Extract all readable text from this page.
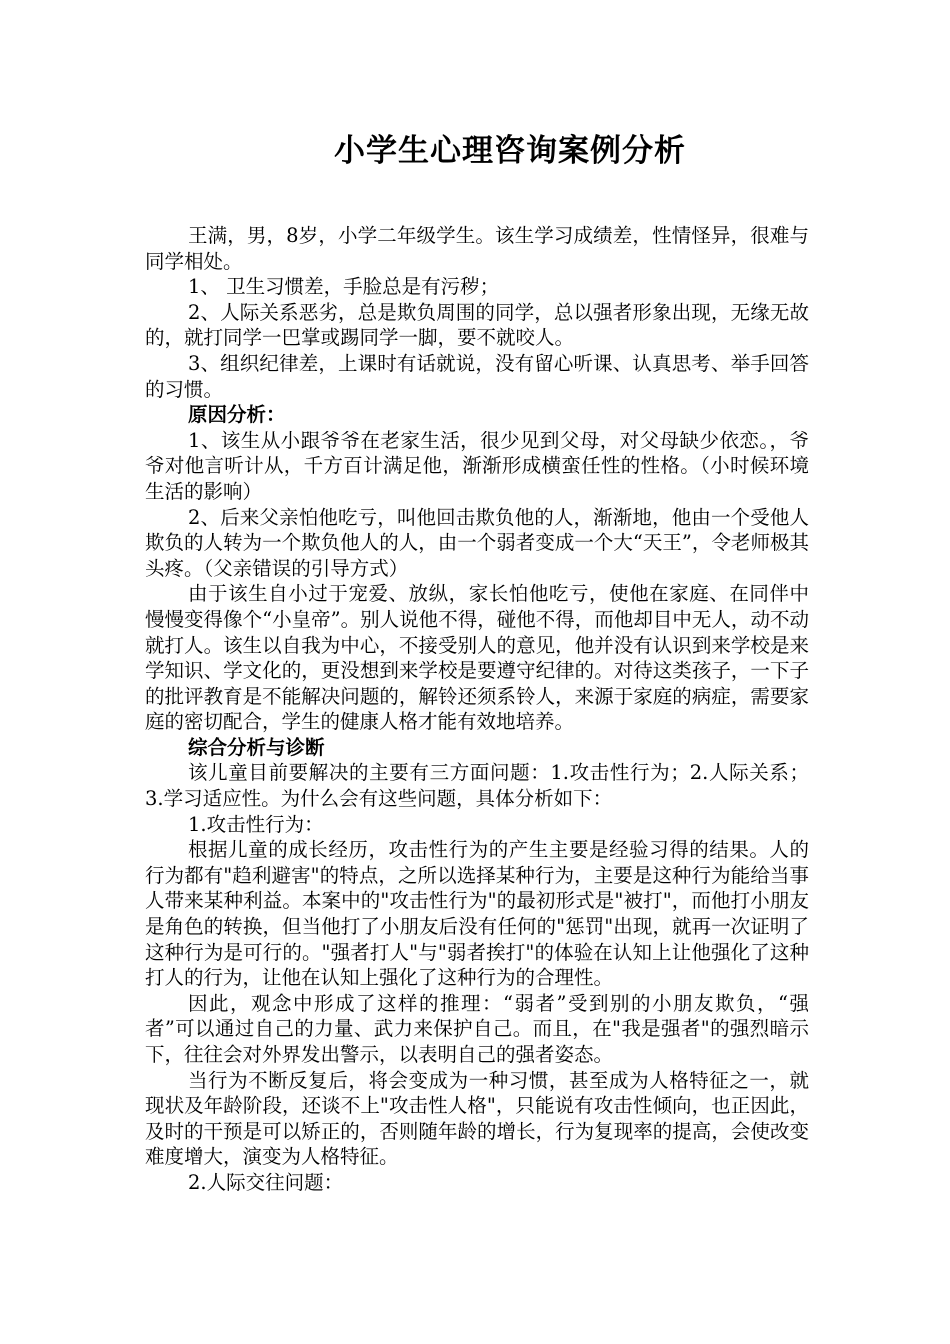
小学生心理咨询案例分析

王满，男，8岁，小学二年级学生。该生学习成绩差，性情怪异，很难与同学相处。

1、 卫生习惯差，手脸总是有污秽；

2、人际关系恶劣，总是欺负周围的同学，总以强者形象出现，无缘无故的，就打同学一巴掌或踢同学一脚，要不就咬人。

3、组织纪律差，上课时有话就说，没有留心听课、认真思考、举手回答的习惯。

原因分析：

1、该生从小跟爷爷在老家生活，很少见到父母，对父母缺少依恋。，爷爷对他言听计从，千方百计满足他，渐渐形成横蛮任性的性格。（小时候环境生活的影响）

2、后来父亲怕他吃亏，叫他回击欺负他的人，渐渐地，他由一个受他人欺负的人转为一个欺负他人的人，由一个弱者变成一个大“天王”，令老师极其头疼。（父亲错误的引导方式）

由于该生自小过于宠爱、放纵，家长怕他吃亏，使他在家庭、在同伴中慢慢变得像个“小皇帝”。别人说他不得，碰他不得，而他却目中无人，动不动就打人。该生以自我为中心，不接受别人的意见，他并没有认识到来学校是来学知识、学文化的，更没想到来学校是要遵守纪律的。对待这类孩子，一下子的批评教育是不能解决问题的，解铃还须系铃人，来源于家庭的病症，需要家庭的密切配合，学生的健康人格才能有效地培养。

综合分析与诊断

该儿童目前要解决的主要有三方面问题：1.攻击性行为；2.人际关系；3.学习适应性。为什么会有这些问题，具体分析如下：

1.攻击性行为：

根据儿童的成长经历，攻击性行为的产生主要是经验习得的结果。人的行为都有"趋利避害"的特点，之所以选择某种行为，主要是这种行为能给当事人带来某种利益。本案中的"攻击性行为"的最初形式是"被打"，而他打小朋友是角色的转换，但当他打了小朋友后没有任何的"惩罚"出现，就再一次证明了这种行为是可行的。"强者打人"与"弱者挨打"的体验在认知上让他强化了这种打人的行为，让他在认知上强化了这种行为的合理性。

因此，观念中形成了这样的推理：“弱者”受到别的小朋友欺负，“强者”可以通过自己的力量、武力来保护自己。而且，在"我是强者"的强烈暗示下，往往会对外界发出警示，以表明自己的强者姿态。

当行为不断反复后，将会变成为一种习惯，甚至成为人格特征之一，就现状及年龄阶段，还谈不上"攻击性人格"，只能说有攻击性倾向，也正因此，及时的干预是可以矫正的，否则随年龄的增长，行为复现率的提高，会使改变难度增大，演变为人格特征。

2.人际交往问题：
